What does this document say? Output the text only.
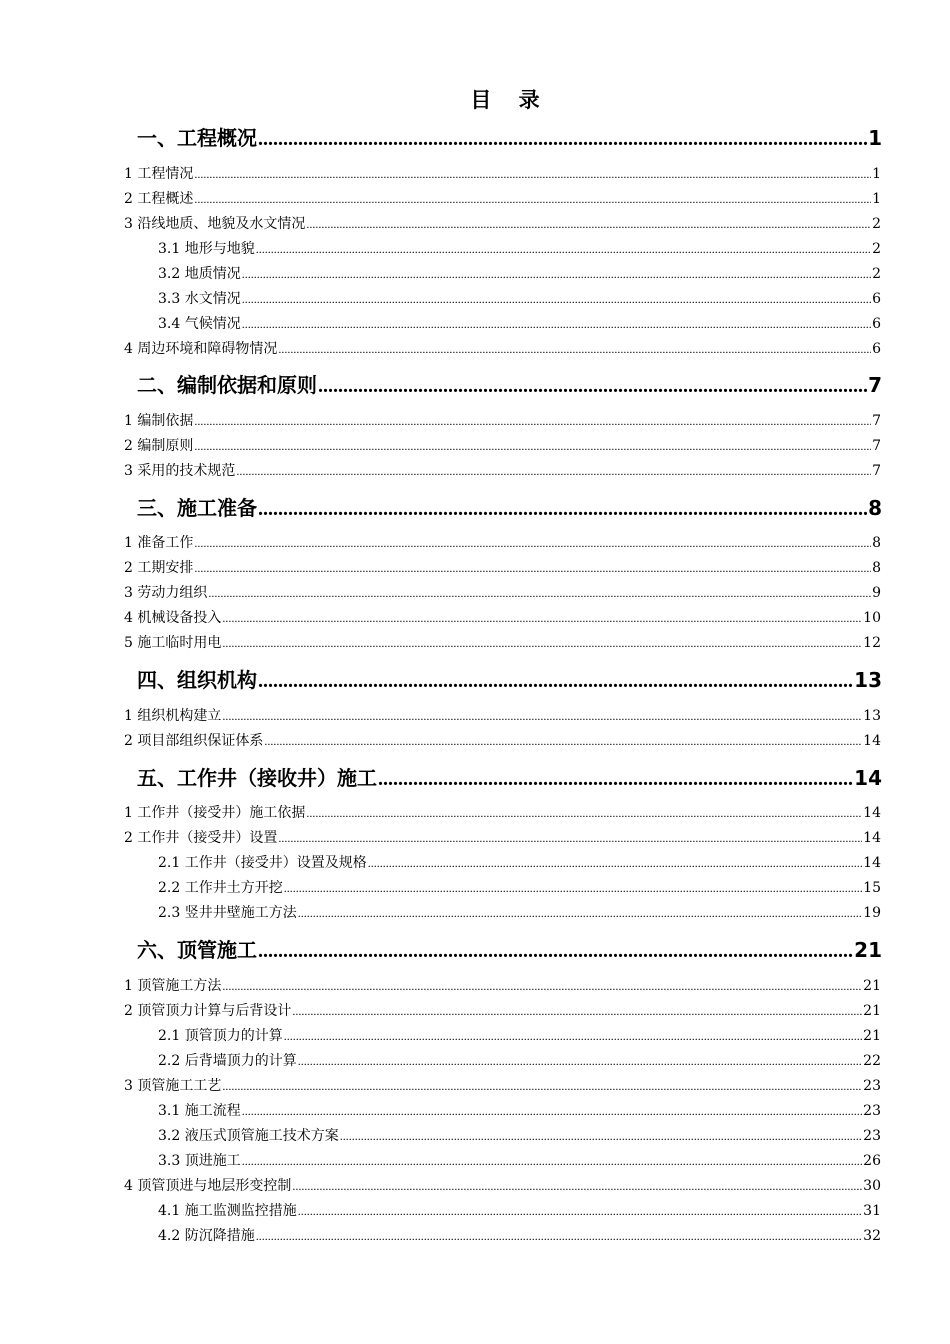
目 录
一、工程概况 .....	1
1 工程情况 .....	1
2 工程概述 .....	1
3 沿线地质、地貌及水文情况 .....	2
3.1 地形与地貌 .....	2
3.2 地质情况 .....	2
3.3 水文情况 .....	6
3.4 气候情况 .....	6
4 周边环境和障碍物情况 .....	6
二、编制依据和原则 .....	7
1 编制依据 .....	7
2 编制原则 .....	7
3 采用的技术规范 .....	7
三、施工准备 .....	8
1 准备工作 .....	8
2 工期安排 .....	8
3 劳动力组织 .....	9
4 机械设备投入 .....	10
5 施工临时用电 .....	12
四、组织机构 .....	13
1 组织机构建立 .....	13
2 项目部组织保证体系 .....	14
五、工作井（接收井）施工 .....	14
1 工作井（接受井）施工依据 .....	14
2 工作井（接受井）设置 .....	14
2.1 工作井（接受井）设置及规格 .....	14
2.2 工作井土方开挖 .....	15
2.3 竖井井壁施工方法 .....	19
六、顶管施工 .....	21
1 顶管施工方法 .....	21
2 顶管顶力计算与后背设计 .....	21
2.1 顶管顶力的计算 .....	21
2.2 后背墙顶力的计算 .....	22
3 顶管施工工艺 .....	23
3.1 施工流程 .....	23
3.2 液压式顶管施工技术方案 .....	23
3.3 顶进施工 .....	26
4 顶管顶进与地层形变控制 .....	30
4.1 施工监测监控措施 .....	31
4.2 防沉降措施 .....	32
